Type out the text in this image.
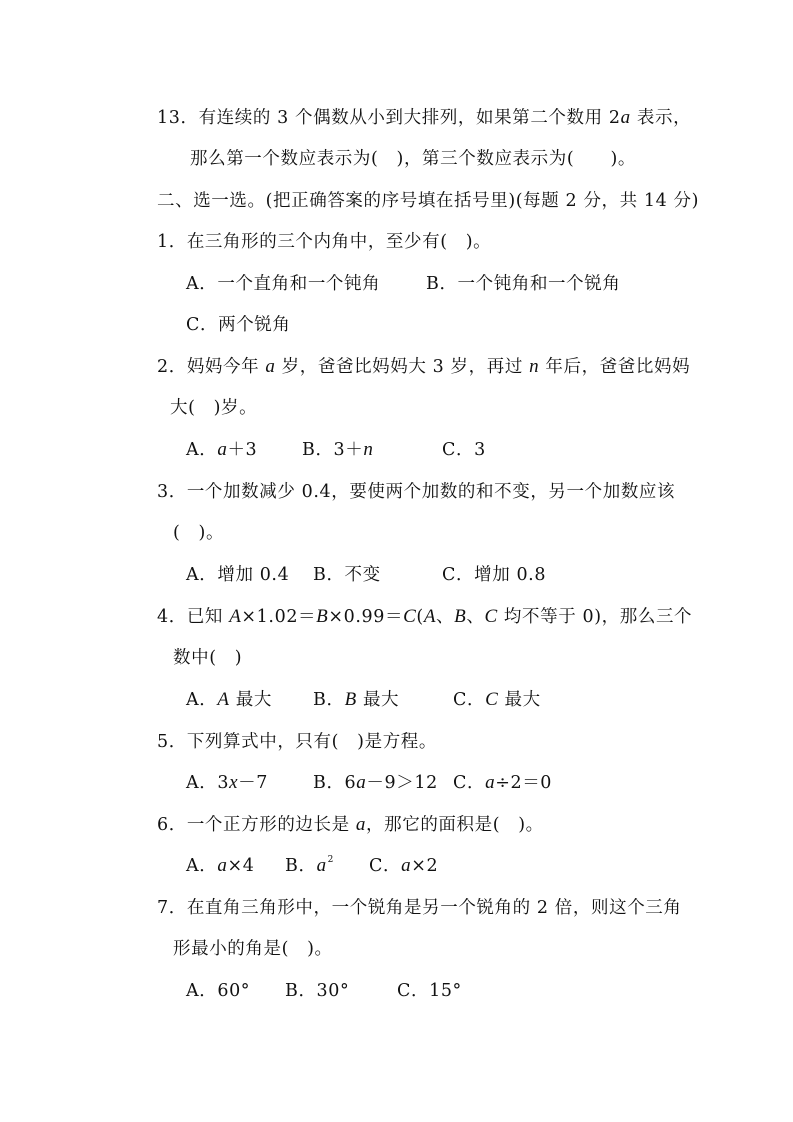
13．有连续的 3 个偶数从小到大排列，如果第二个数用 2a 表示，
那么第一个数应表示为(　)，第三个数应表示为(　　)。
二、选一选。(把正确答案的序号填在括号里)(每题 2 分，共 14 分)
1．在三角形的三个内角中，至少有(　)。
A．一个直角和一个钝角	B．一个钝角和一个锐角
C．两个锐角
2．妈妈今年 a 岁，爸爸比妈妈大 3 岁，再过 n 年后，爸爸比妈妈
大(　)岁。
A．a＋3	B．3＋n	C．3
3．一个加数减少 0.4，要使两个加数的和不变，另一个加数应该
(　)。
A．增加 0.4 B．不变	C．增加 0.8
4．已知 A×1.02＝B×0.99＝C(A、B、C 均不等于 0)，那么三个
数中(　)
A．A 最大 B．B 最大	C．C 最大
5．下列算式中，只有(　)是方程。
A．3x－7	B．6a－9＞12 C．a÷2＝0
6．一个正方形的边长是 a，那它的面积是(　)。
A．a×4 B．$a^2$ C．a×2
7．在直角三角形中，一个锐角是另一个锐角的 2 倍，则这个三角
形最小的角是(　)。
A．60° B．30°	C．15°
